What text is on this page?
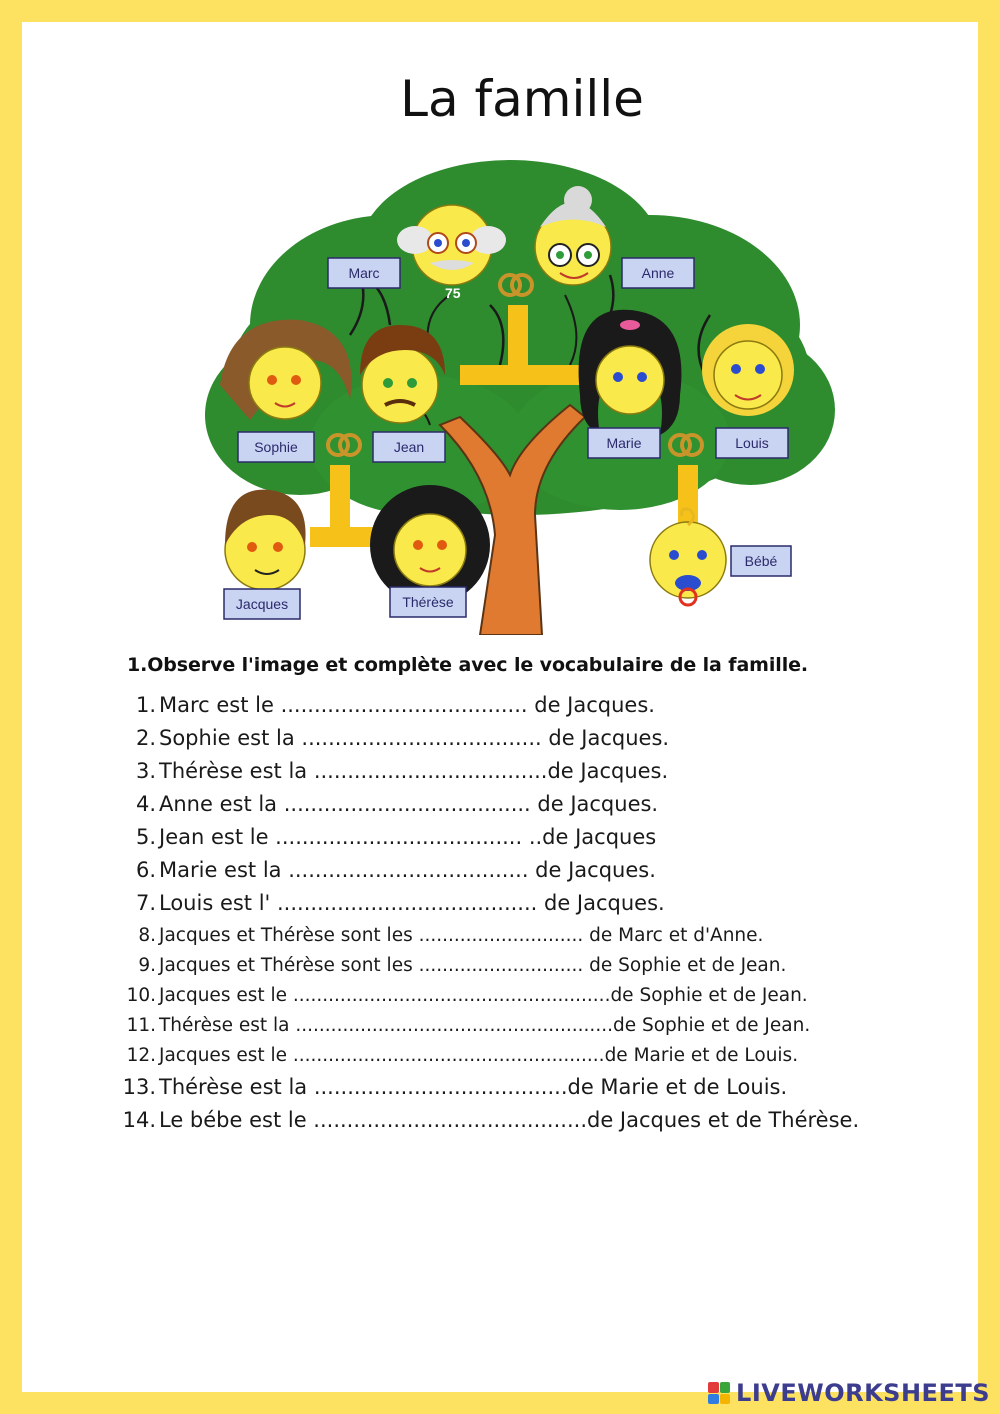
La famille
75
Marc	Anne
Sophie	Jean	Marie	Louis
Jacques	Thérèse
Bébé

1.Observe l'image et complète avec le vocabulaire de la famille.

1. Marc est le ..................................... de Jacques.
2. Sophie est la .................................... de Jacques.
3. Thérèse est la ...................................de Jacques.
4. Anne est la ..................................... de Jacques.
5. Jean est le ..................................... ..de Jacques
6. Marie est la .................................... de Jacques.
7. Louis est l' ....................................... de Jacques.
8. Jacques et Thérèse sont les ............................ de Marc et d'Anne.
9. Jacques et Thérèse sont les ............................ de Sophie et de Jean.
10. Jacques est le ......................................................de Sophie et de Jean.
11. Thérèse est la ......................................................de Sophie et de Jean.
12. Jacques est le .....................................................de Marie et de Louis.
13. Thérèse est la ......................................de Marie et de Louis.
14. Le bébe est le .........................................de Jacques et de Thérèse.
LIVEWORKSHEETS
